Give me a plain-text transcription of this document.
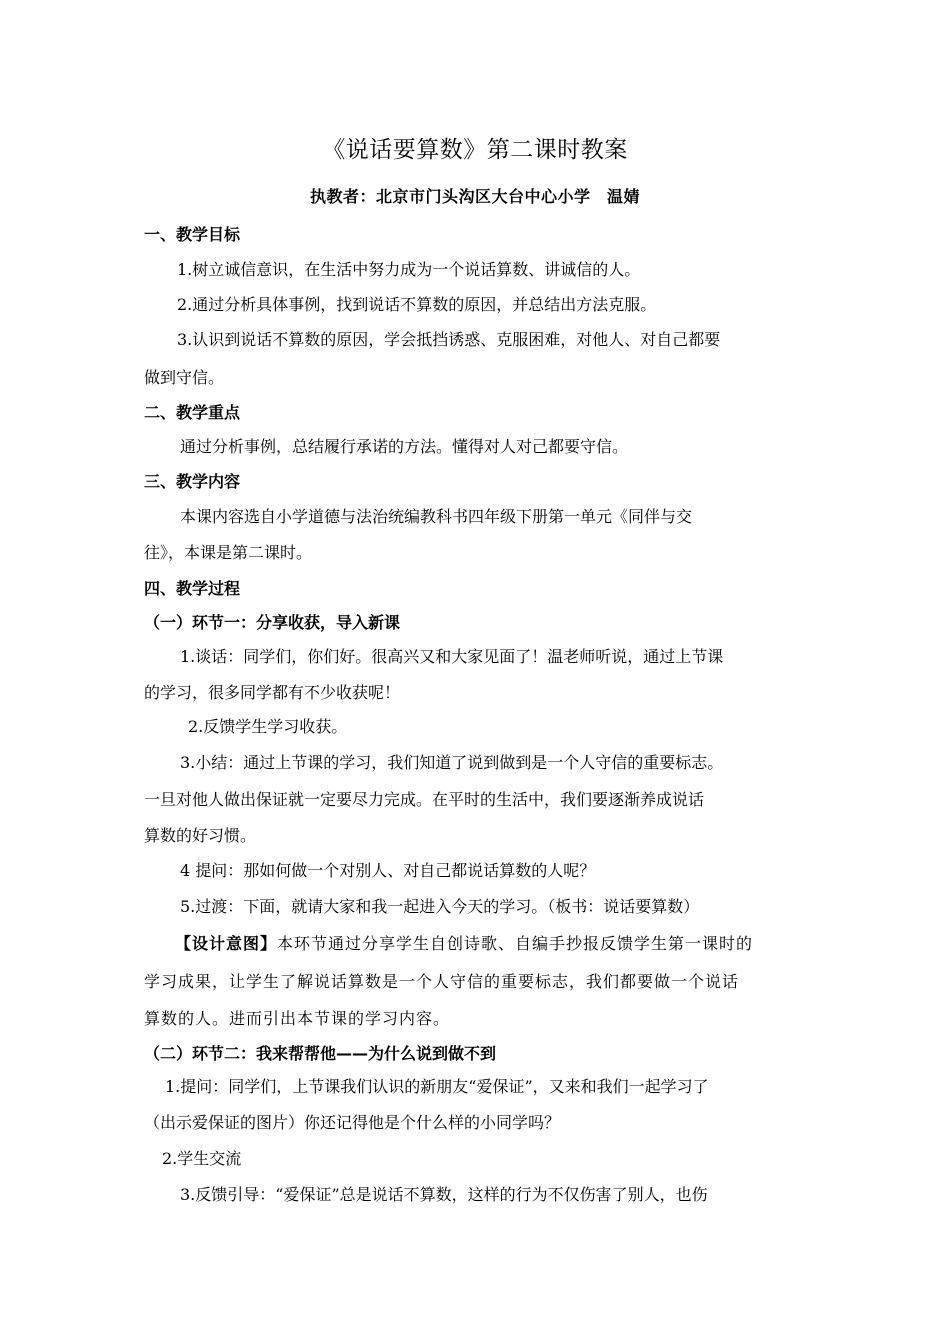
《说话要算数》第二课时教案
执教者：北京市门头沟区大台中心小学　温婧
一、教学目标
1.树立诚信意识，在生活中努力成为一个说话算数、讲诚信的人。
2.通过分析具体事例，找到说话不算数的原因，并总结出方法克服。
3.认识到说话不算数的原因，学会抵挡诱惑、克服困难，对他人、对自己都要
做到守信。
二、教学重点
通过分析事例，总结履行承诺的方法。懂得对人对己都要守信。
三、教学内容
本课内容选自小学道德与法治统编教科书四年级下册第一单元《同伴与交
往》，本课是第二课时。
四、教学过程
（一）环节一：分享收获，导入新课
1.谈话：同学们，你们好。很高兴又和大家见面了！温老师听说，通过上节课
的学习，很多同学都有不少收获呢！
2.反馈学生学习收获。
3.小结：通过上节课的学习，我们知道了说到做到是一个人守信的重要标志。
一旦对他人做出保证就一定要尽力完成。在平时的生活中，我们要逐渐养成说话
算数的好习惯。
4 提问：那如何做一个对别人、对自己都说话算数的人呢？
5.过渡：下面，就请大家和我一起进入今天的学习。（板书：说话要算数）
【设计意图】本环节通过分享学生自创诗歌、自编手抄报反馈学生第一课时的
学习成果，让学生了解说话算数是一个人守信的重要标志，我们都要做一个说话
算数的人。进而引出本节课的学习内容。
（二）环节二：我来帮帮他——为什么说到做不到
1.提问：同学们，上节课我们认识的新朋友“爱保证”，又来和我们一起学习了
（出示爱保证的图片）你还记得他是个什么样的小同学吗？
2.学生交流
3.反馈引导：“爱保证”总是说话不算数，这样的行为不仅伤害了别人，也伤
